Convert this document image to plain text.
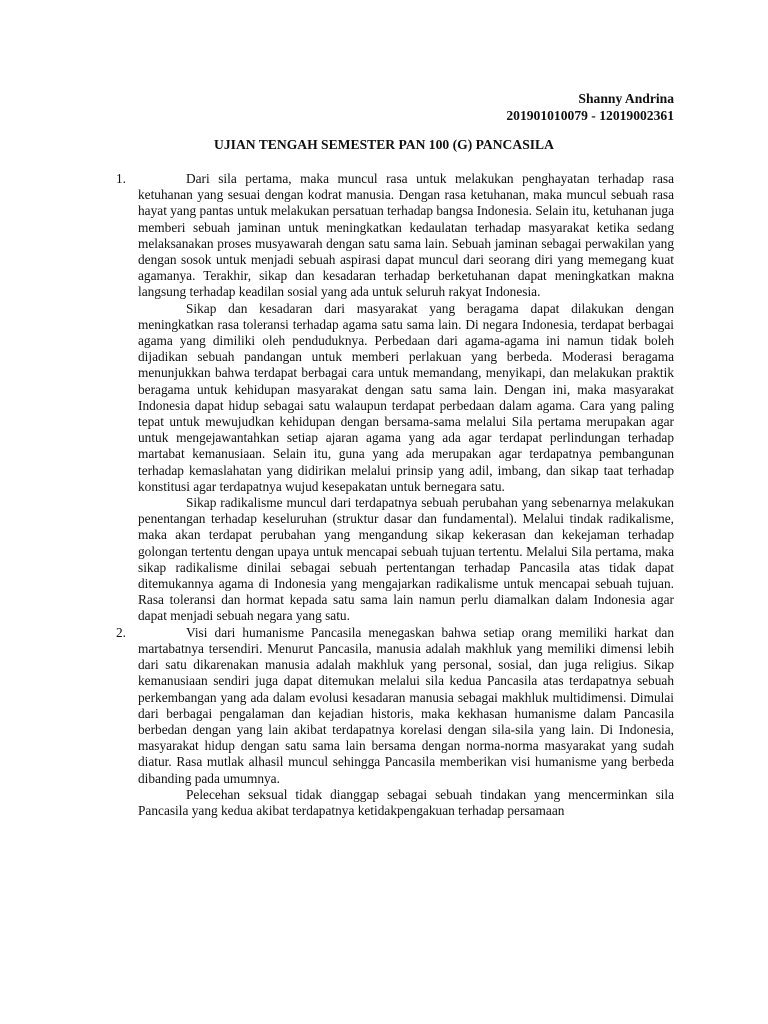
Shanny Andrina
201901010079 - 12019002361
UJIAN TENGAH SEMESTER PAN 100 (G) PANCASILA
1.	Dari sila pertama, maka muncul rasa untuk melakukan penghayatan terhadap rasa ketuhanan yang sesuai dengan kodrat manusia. Dengan rasa ketuhanan, maka muncul sebuah rasa hayat yang pantas untuk melakukan persatuan terhadap bangsa Indonesia. Selain itu, ketuhanan juga memberi sebuah jaminan untuk meningkatkan kedaulatan terhadap masyarakat ketika sedang melaksanakan proses musyawarah dengan satu sama lain. Sebuah jaminan sebagai perwakilan yang dengan sosok untuk menjadi sebuah aspirasi dapat muncul dari seorang diri yang memegang kuat agamanya. Terakhir, sikap dan kesadaran terhadap berketuhanan dapat meningkatkan makna langsung terhadap keadilan sosial yang ada untuk seluruh rakyat Indonesia.

Sikap dan kesadaran dari masyarakat yang beragama dapat dilakukan dengan meningkatkan rasa toleransi terhadap agama satu sama lain. Di negara Indonesia, terdapat berbagai agama yang dimiliki oleh penduduknya. Perbedaan dari agama-agama ini namun tidak boleh dijadikan sebuah pandangan untuk memberi perlakuan yang berbeda. Moderasi beragama menunjukkan bahwa terdapat berbagai cara untuk memandang, menyikapi, dan melakukan praktik beragama untuk kehidupan masyarakat dengan satu sama lain. Dengan ini, maka masyarakat Indonesia dapat hidup sebagai satu walaupun terdapat perbedaan dalam agama. Cara yang paling tepat untuk mewujudkan kehidupan dengan bersama-sama melalui Sila pertama merupakan agar untuk mengejawantahkan setiap ajaran agama yang ada agar terdapat perlindungan terhadap martabat kemanusiaan. Selain itu, guna yang ada merupakan agar terdapatnya pembangunan terhadap kemaslahatan yang didirikan melalui prinsip yang adil, imbang, dan sikap taat terhadap konstitusi agar terdapatnya wujud kesepakatan untuk bernegara satu.

Sikap radikalisme muncul dari terdapatnya sebuah perubahan yang sebenarnya melakukan penentangan terhadap keseluruhan (struktur dasar dan fundamental). Melalui tindak radikalisme, maka akan terdapat perubahan yang mengandung sikap kekerasan dan kekejaman terhadap golongan tertentu dengan upaya untuk mencapai sebuah tujuan tertentu. Melalui Sila pertama, maka sikap radikalisme dinilai sebagai sebuah pertentangan terhadap Pancasila atas tidak dapat ditemukannya agama di Indonesia yang mengajarkan radikalisme untuk mencapai sebuah tujuan. Rasa toleransi dan hormat kepada satu sama lain namun perlu diamalkan dalam Indonesia agar dapat menjadi sebuah negara yang satu.

2.	Visi dari humanisme Pancasila menegaskan bahwa setiap orang memiliki harkat dan martabatnya tersendiri. Menurut Pancasila, manusia adalah makhluk yang memiliki dimensi lebih dari satu dikarenakan manusia adalah makhluk yang personal, sosial, dan juga religius. Sikap kemanusiaan sendiri juga dapat ditemukan melalui sila kedua Pancasila atas terdapatnya sebuah perkembangan yang ada dalam evolusi kesadaran manusia sebagai makhluk multidimensi. Dimulai dari berbagai pengalaman dan kejadian historis, maka kekhasan humanisme dalam Pancasila berbedan dengan yang lain akibat terdapatnya korelasi dengan sila-sila yang lain. Di Indonesia, masyarakat hidup dengan satu sama lain bersama dengan norma-norma masyarakat yang sudah diatur. Rasa mutlak alhasil muncul sehingga Pancasila memberikan visi humanisme yang berbeda dibanding pada umumnya.

Pelecehan seksual tidak dianggap sebagai sebuah tindakan yang mencerminkan sila Pancasila yang kedua akibat terdapatnya ketidakpengakuan terhadap persamaan
